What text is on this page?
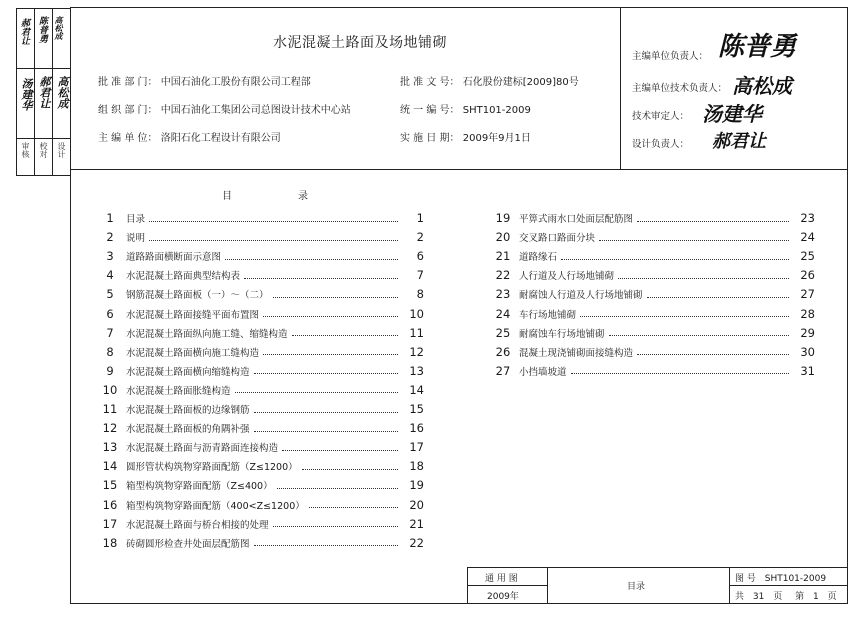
郝君让 陈普勇 高松成
汤建华 郝君让 高松成
审核
校对
设计
水泥混凝土路面及场地铺砌
批 准 部 门： 中国石油化工股份有限公司工程部	批 准 文 号： 石化股份建标[2009]80号
组 织 部 门： 中国石油化工集团公司总图设计技术中心站	统 一 编 号： SHT101-2009
主 编 单 位： 洛阳石化工程设计有限公司	实 施 日 期： 2009年9月1日
主编单位负责人： 陈普勇
主编单位技术负责人： 高松成
技术审定人： 汤建华
设计负责人： 郝君让
目	录
1	目录	1
2	说明	2
3	道路路面横断面示意图	6
4	水泥混凝土路面典型结构表	7
5	钢筋混凝土路面板（一）～（二）	8
6	水泥混凝土路面接缝平面布置图	10
7	水泥混凝土路面纵向施工缝、缩缝构造	11
8	水泥混凝土路面横向施工缝构造	12
9	水泥混凝土路面横向缩缝构造	13
10 水泥混凝土路面胀缝构造	14
11 水泥混凝土路面板的边缘钢筋	15
12 水泥混凝土路面板的角隅补强	16
13 水泥混凝土路面与沥青路面连接构造	17
14 圆形管状构筑物穿路面配筋（Z≤1200）	18
15 箱型构筑物穿路面配筋（Z≤400）	19
16 箱型构筑物穿路面配筋（400<Z≤1200）	20
17 水泥混凝土路面与桥台相接的处理	21
18 砖砌圆形检查井处面层配筋图	22
19 平箅式雨水口处面层配筋图	23
20 交叉路口路面分块	24
21 道路缘石	25
22 人行道及人行场地铺砌	26
23 耐腐蚀人行道及人行场地铺砌	27
24 车行场地铺砌	28
25 耐腐蚀车行场地铺砌	29
26 混凝土现浇铺砌面接缝构造	30
27 小挡墙坡道	31
通 用 图
2009年
目录
图 号 SHT101-2009
共 31 页 第 1 页
